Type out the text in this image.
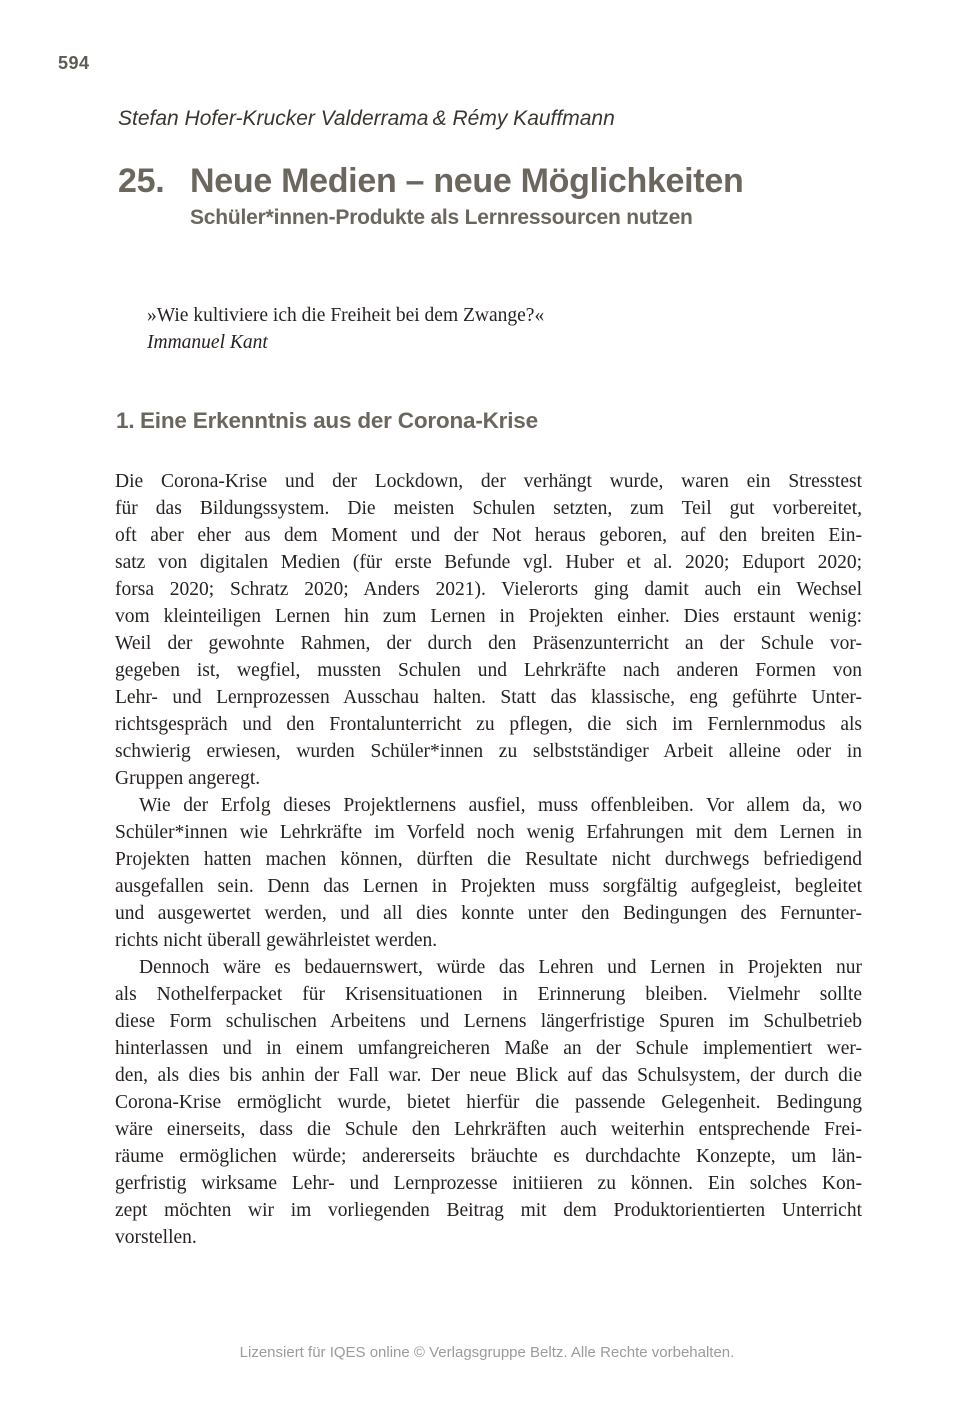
594
Stefan Hofer-Krucker Valderrama & Rémy Kauffmann
25. Neue Medien – neue Möglichkeiten
Schüler*innen-Produkte als Lernressourcen nutzen
»Wie kultiviere ich die Freiheit bei dem Zwange?«
Immanuel Kant
1. Eine Erkenntnis aus der Corona-Krise
Die Corona-Krise und der Lockdown, der verhängt wurde, waren ein Stresstest
für das Bildungssystem. Die meisten Schulen setzten, zum Teil gut vorbereitet,
oft aber eher aus dem Moment und der Not heraus geboren, auf den breiten Ein-
satz von digitalen Medien (für erste Befunde vgl. Huber et al. 2020; Eduport 2020;
forsa 2020; Schratz 2020; Anders 2021). Vielerorts ging damit auch ein Wechsel
vom kleinteiligen Lernen hin zum Lernen in Projekten einher. Dies erstaunt wenig:
Weil der gewohnte Rahmen, der durch den Präsenzunterricht an der Schule vor-
gegeben ist, wegfiel, mussten Schulen und Lehrkräfte nach anderen Formen von
Lehr- und Lernprozessen Ausschau halten. Statt das klassische, eng geführte Unter-
richtsgespräch und den Frontalunterricht zu pflegen, die sich im Fernlernmodus als
schwierig erwiesen, wurden Schüler*innen zu selbstständiger Arbeit alleine oder in
Gruppen angeregt.
Wie der Erfolg dieses Projektlernens ausfiel, muss offenbleiben. Vor allem da, wo
Schüler*innen wie Lehrkräfte im Vorfeld noch wenig Erfahrungen mit dem Lernen in
Projekten hatten machen können, dürften die Resultate nicht durchwegs befriedigend
ausgefallen sein. Denn das Lernen in Projekten muss sorgfältig aufgegleist, begleitet
und ausgewertet werden, und all dies konnte unter den Bedingungen des Fernunter-
richts nicht überall gewährleistet werden.
Dennoch wäre es bedauernswert, würde das Lehren und Lernen in Projekten nur
als Nothelferpacket für Krisensituationen in Erinnerung bleiben. Vielmehr sollte
diese Form schulischen Arbeitens und Lernens längerfristige Spuren im Schulbetrieb
hinterlassen und in einem umfangreicheren Maße an der Schule implementiert wer-
den, als dies bis anhin der Fall war. Der neue Blick auf das Schulsystem, der durch die
Corona-Krise ermöglicht wurde, bietet hierfür die passende Gelegenheit. Bedingung
wäre einerseits, dass die Schule den Lehrkräften auch weiterhin entsprechende Frei-
räume ermöglichen würde; andererseits bräuchte es durchdachte Konzepte, um län-
gerfristig wirksame Lehr- und Lernprozesse initiieren zu können. Ein solches Kon-
zept möchten wir im vorliegenden Beitrag mit dem Produktorientierten Unterricht
vorstellen.
Lizensiert für IQES online © Verlagsgruppe Beltz. Alle Rechte vorbehalten.
